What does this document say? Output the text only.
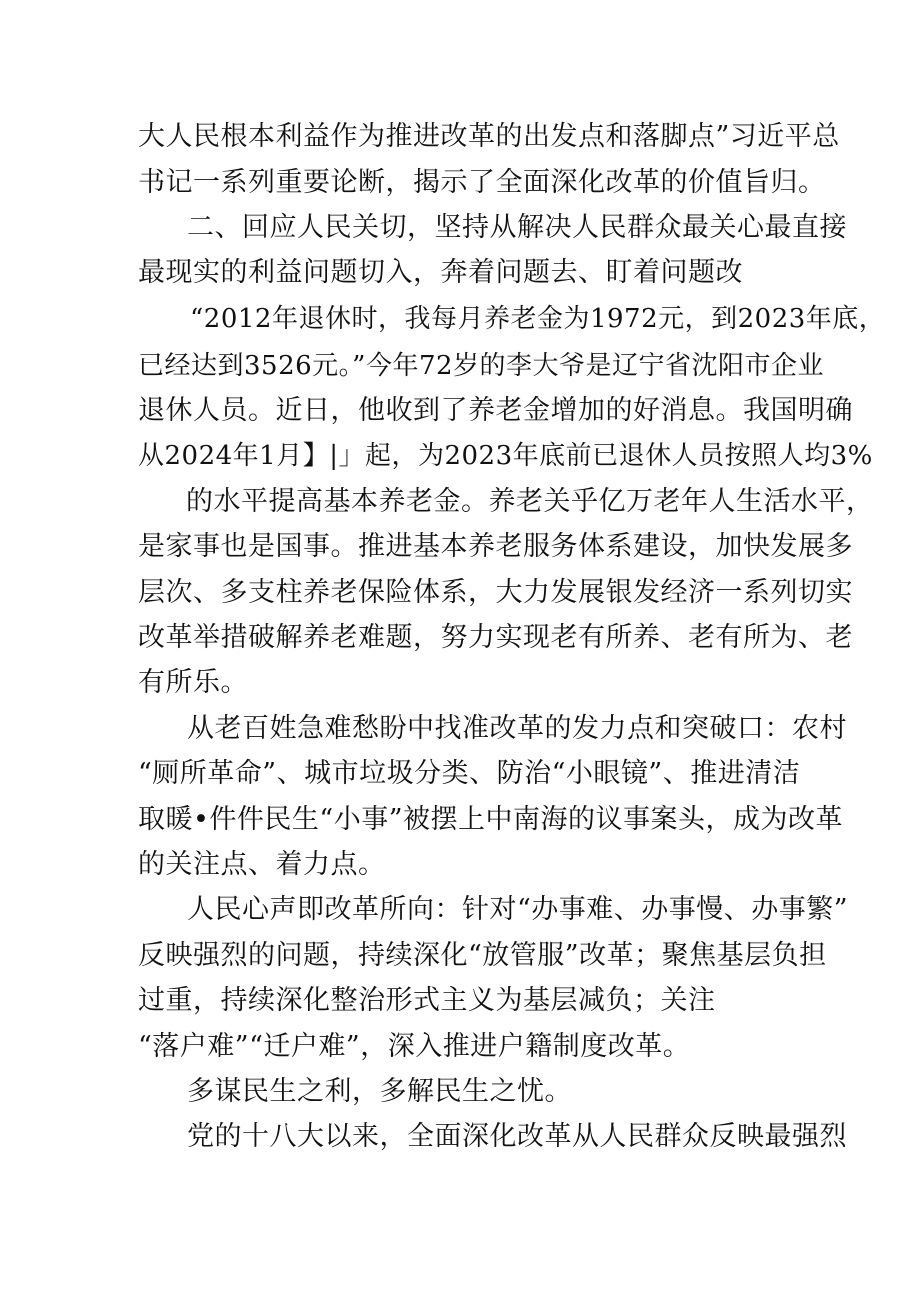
大人民根本利益作为推进改革的出发点和落脚点”习近平总
书记一系列重要论断，揭示了全面深化改革的价值旨归。
二、回应人民关切，坚持从解决人民群众最关心最直接
最现实的利益问题切入，奔着问题去、盯着问题改
“2012年退休时，我每月养老金为1972元，到2023年底，
已经达到3526元。”今年72岁的李大爷是辽宁省沈阳市企业
退休人员。近日，他收到了养老金增加的好消息。我国明确
从2024年1月】|」起，为2023年底前已退休人员按照人均3%
的水平提高基本养老金。养老关乎亿万老年人生活水平，
是家事也是国事。推进基本养老服务体系建设，加快发展多
层次、多支柱养老保险体系，大力发展银发经济一系列切实
改革举措破解养老难题，努力实现老有所养、老有所为、老
有所乐。
从老百姓急难愁盼中找准改革的发力点和突破口：农村
“厕所革命”、城市垃圾分类、防治“小眼镜”、推进清洁
取暖•件件民生“小事”被摆上中南海的议事案头，成为改革
的关注点、着力点。
人民心声即改革所向：针对“办事难、办事慢、办事繁”
反映强烈的问题，持续深化“放管服”改革；聚焦基层负担
过重，持续深化整治形式主义为基层减负；关注
“落户难”“迁户难”，深入推进户籍制度改革。
多谋民生之利，多解民生之忧。
党的十八大以来，全面深化改革从人民群众反映最强烈
